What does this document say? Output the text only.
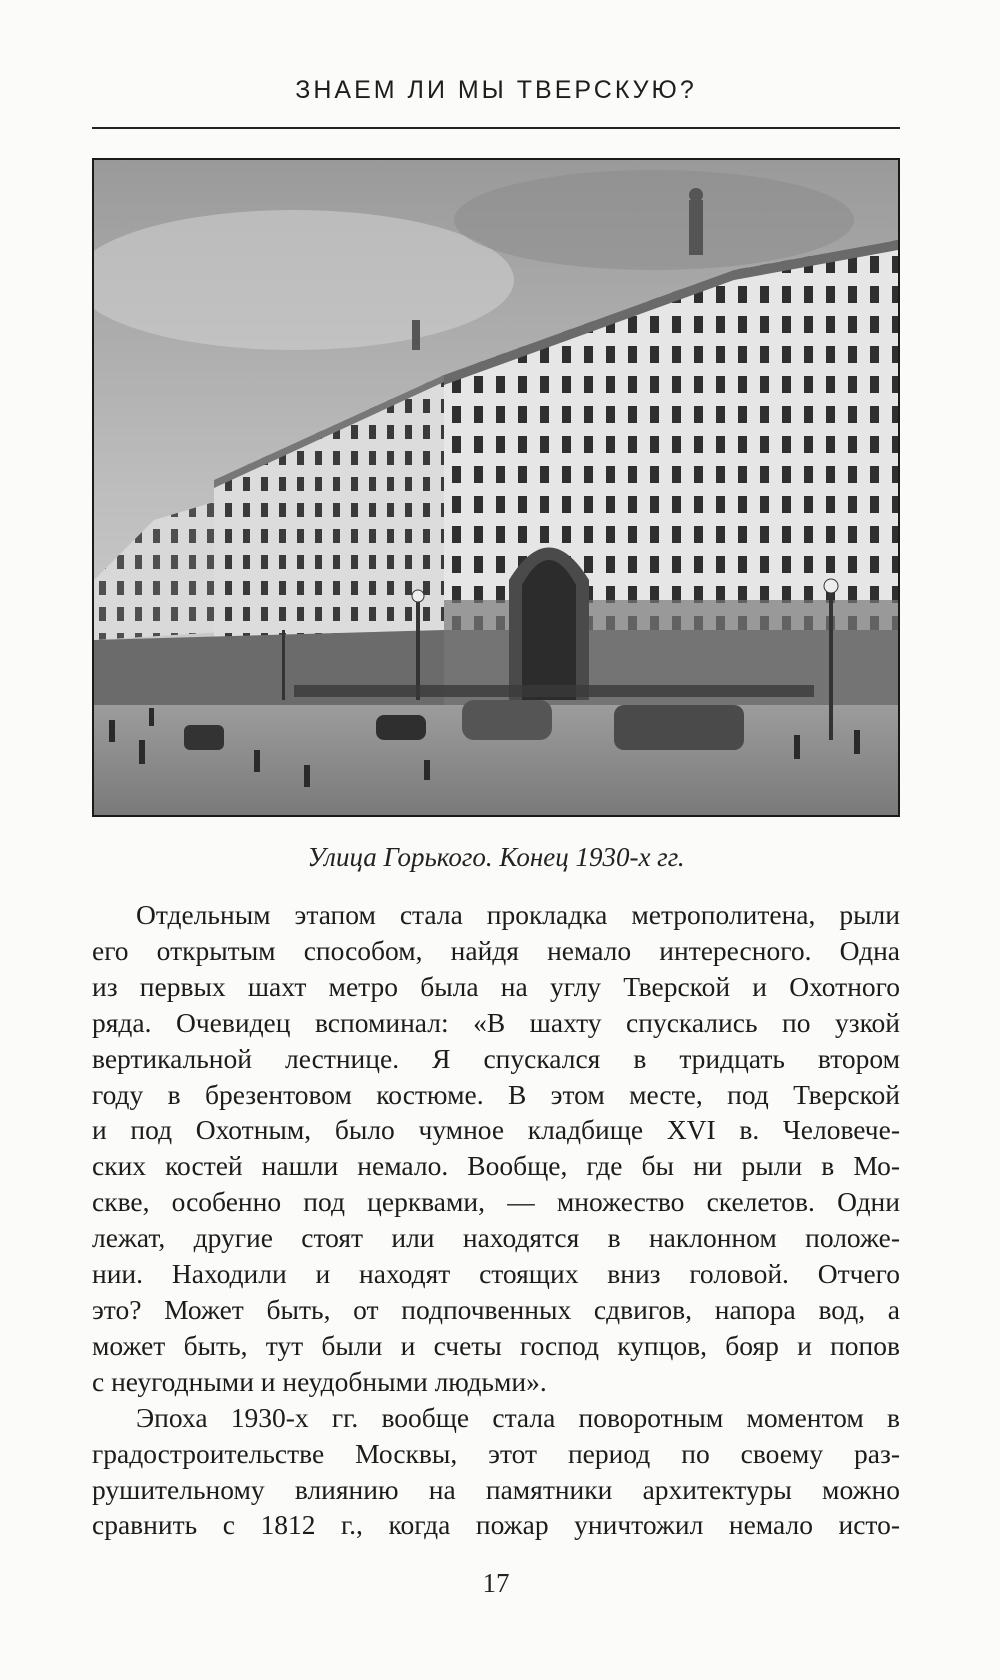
ЗНАЕМ ЛИ МЫ ТВЕРСКУЮ?
Улица Горького. Конец 1930-х гг.
Отдельным этапом стала прокладка метрополитена, рыли
его открытым способом, найдя немало интересного. Одна
из первых шахт метро была на углу Тверской и Охотного
ряда. Очевидец вспоминал: «В шахту спускались по узкой
вертикальной лестнице. Я спускался в тридцать втором
году в брезентовом костюме. В этом месте, под Тверской
и под Охотным, было чумное кладбище XVI в. Человече-
ских костей нашли немало. Вообще, где бы ни рыли в Мо-
скве, особенно под церквами, — множество скелетов. Одни
лежат, другие стоят или находятся в наклонном положе-
нии. Находили и находят стоящих вниз головой. Отчего
это? Может быть, от подпочвенных сдвигов, напора вод, а
может быть, тут были и счеты господ купцов, бояр и попов
с неугодными и неудобными людьми».
Эпоха 1930-х гг. вообще стала поворотным моментом в
градостроительстве Москвы, этот период по своему раз-
рушительному влиянию на памятники архитектуры можно
сравнить с 1812 г., когда пожар уничтожил немало исто-
17
